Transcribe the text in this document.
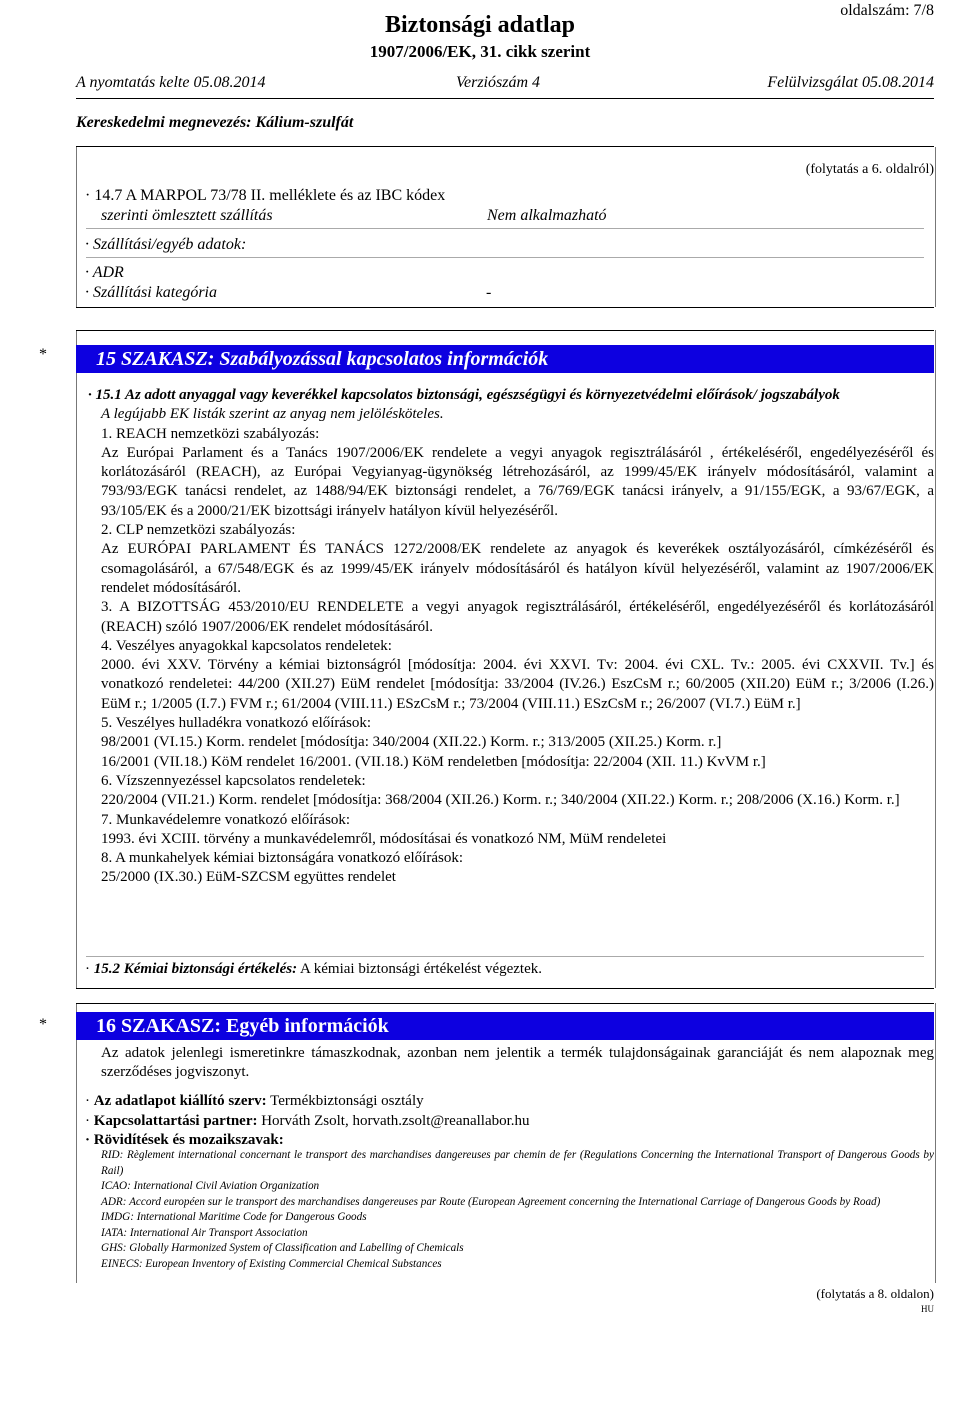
Biztonsági adatlap
1907/2006/EK, 31. cikk szerint
oldalszám: 7/8
A nyomtatás kelte 05.08.2014	Verziószám 4	Felülvizsgálat 05.08.2014
Kereskedelmi megnevezés: Kálium-szulfát
(folytatás a 6. oldalról)
· 14.7 A MARPOL 73/78 II. melléklete és az IBC kódex
szerinti ömlesztett szállítás	Nem alkalmazható
· Szállítási/egyéb adatok:
· ADR
· Szállítási kategória	-
*	15 SZAKASZ: Szabályozással kapcsolatos információk

· 15.1 Az adott anyaggal vagy keverékkel kapcsolatos biztonsági, egészségügyi és környezetvédelmi előírások/ jogszabályok

A legújabb EK listák szerint az anyag nem jelölésköteles.

1. REACH nemzetközi szabályozás:

Az Európai Parlament és a Tanács 1907/2006/EK rendelete a vegyi anyagok regisztrálásáról , értékeléséről, engedélyezéséről és korlátozásáról (REACH), az Európai Vegyianyag-ügynökség létrehozásáról, az 1999/45/EK irányelv módosításáról, valamint a 793/93/EGK tanácsi rendelet, az 1488/94/EK biztonsági rendelet, a 76/769/EGK tanácsi irányelv, a 91/155/EGK, a 93/67/EGK, a 93/105/EK és a 2000/21/EK bizottsági irányelv hatályon kívül helyezéséről.

2. CLP nemzetközi szabályozás:

Az EURÓPAI PARLAMENT ÉS TANÁCS 1272/2008/EK rendelete az anyagok és keverékek osztályozásáról, címkézéséről és csomagolásáról, a 67/548/EGK és az 1999/45/EK irányelv módosításáról és hatályon kívül helyezéséről, valamint az 1907/2006/EK rendelet módosításáról.

3. A BIZOTTSÁG 453/2010/EU RENDELETE a vegyi anyagok regisztrálásáról, értékeléséről, engedélyezéséről és korlátozásáról (REACH) szóló 1907/2006/EK rendelet módosításáról.

4. Veszélyes anyagokkal kapcsolatos rendeletek:

2000. évi XXV. Törvény a kémiai biztonságról [módosítja: 2004. évi XXVI. Tv: 2004. évi CXL. Tv.: 2005. évi CXXVII. Tv.] és vonatkozó rendeletei: 44/200 (XII.27) EüM rendelet [módosítja: 33/2004 (IV.26.) EszCsM r.; 60/2005 (XII.20) EüM r.; 3/2006 (I.26.) EüM r.; 1/2005 (I.7.) FVM r.; 61/2004 (VIII.11.) ESzCsM r.; 73/2004 (VIII.11.) ESzCsM r.; 26/2007 (VI.7.) EüM r.]

5. Veszélyes hulladékra vonatkozó előírások:

98/2001 (VI.15.) Korm. rendelet [módosítja: 340/2004 (XII.22.) Korm. r.; 313/2005 (XII.25.) Korm. r.]

16/2001 (VII.18.) KöM rendelet 16/2001. (VII.18.) KöM rendeletben [módosítja: 22/2004 (XII. 11.) KvVM r.]

6. Vízszennyezéssel kapcsolatos rendeletek:

220/2004 (VII.21.) Korm. rendelet [módosítja: 368/2004 (XII.26.) Korm. r.; 340/2004 (XII.22.) Korm. r.; 208/2006 (X.16.) Korm. r.]

7. Munkavédelemre vonatkozó előírások:

1993. évi XCIII. törvény a munkavédelemről, módosításai és vonatkozó NM, MüM rendeletei

8. A munkahelyek kémiai biztonságára vonatkozó előírások:

25/2000 (IX.30.) EüM-SZCSM együttes rendelet

· 15.2 Kémiai biztonsági értékelés: A kémiai biztonsági értékelést végeztek.
*	16 SZAKASZ: Egyéb információk
Az adatok jelenlegi ismeretinkre támaszkodnak, azonban nem jelentik a termék tulajdonságainak garanciáját és nem alapoznak meg szerződéses jogviszonyt.
· Az adatlapot kiállító szerv: Termékbiztonsági osztály
· Kapcsolattartási partner: Horváth Zsolt, horvath.zsolt@reanallabor.hu
· Rövidítések és mozaikszavak:

RID: Règlement international concernant le transport des marchandises dangereuses par chemin de fer (Regulations Concerning the International Transport of Dangerous Goods by Rail)

ICAO: International Civil Aviation Organization

ADR: Accord européen sur le transport des marchandises dangereuses par Route (European Agreement concerning the International Carriage of Dangerous Goods by Road)

IMDG: International Maritime Code for Dangerous Goods

IATA: International Air Transport Association

GHS: Globally Harmonized System of Classification and Labelling of Chemicals

EINECS: European Inventory of Existing Commercial Chemical Substances

(folytatás a 8. oldalon)
HU
